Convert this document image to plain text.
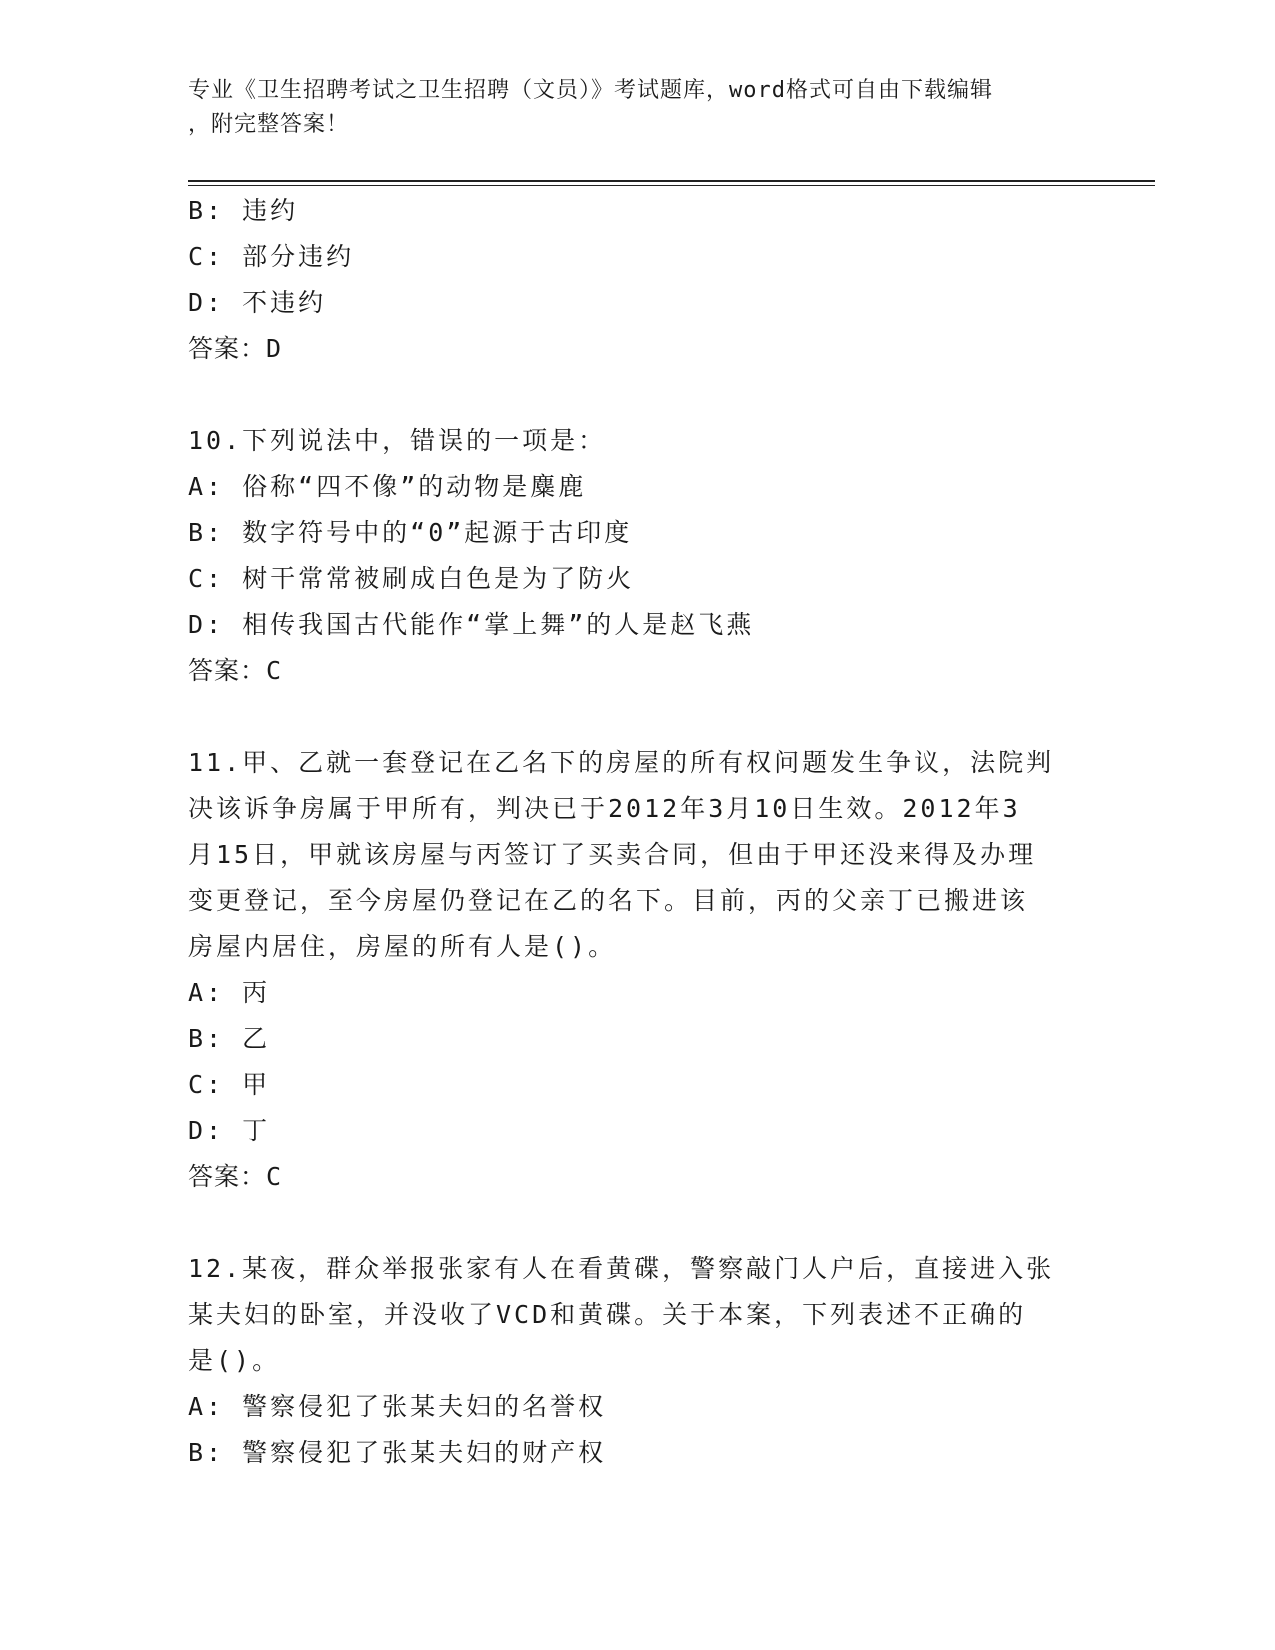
专业《卫生招聘考试之卫生招聘（文员）》考试题库，word格式可自由下载编辑
，附完整答案！
B: 违约
C: 部分违约
D: 不违约
答案：D
10.下列说法中，错误的一项是：
A: 俗称“四不像”的动物是麋鹿
B: 数字符号中的“0”起源于古印度
C: 树干常常被刷成白色是为了防火
D: 相传我国古代能作“掌上舞”的人是赵飞燕
答案：C
11.甲、乙就一套登记在乙名下的房屋的所有权问题发生争议，法院判
决该诉争房属于甲所有，判决已于2012年3月10日生效。2012年3
月15日，甲就该房屋与丙签订了买卖合同，但由于甲还没来得及办理
变更登记，至今房屋仍登记在乙的名下。目前，丙的父亲丁已搬进该
房屋内居住，房屋的所有人是()。
A: 丙
B: 乙
C: 甲
D: 丁
答案：C
12.某夜，群众举报张家有人在看黄碟，警察敲门人户后，直接进入张
某夫妇的卧室，并没收了VCD和黄碟。关于本案，下列表述不正确的
是()。
A: 警察侵犯了张某夫妇的名誉权
B: 警察侵犯了张某夫妇的财产权
